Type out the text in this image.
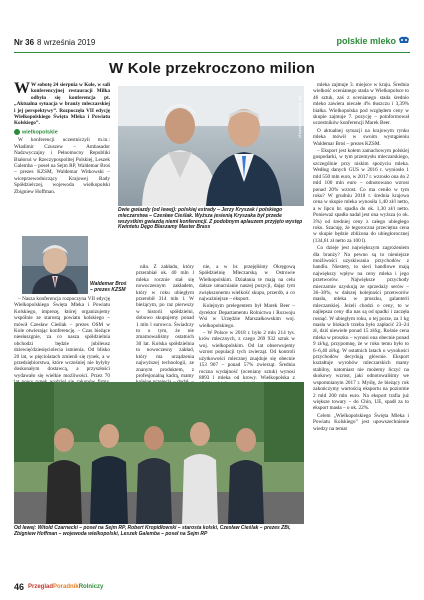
Nr 36 8 września 2019	polskie mleko
W Kole przekroczono milion
W W sobotę 24 sierpnia w Kole, w sali konferencyjnej restauracji Milka odbyła się konferencja pt. „Aktualna sytuacja w branży mleczarskiej i jej perspektywy”. Rozpoczęła VII edycję Wielkopolskiego Święta Mleka i Powiatu Kolskiego”.
wielkopolskie

W konferencji uczestniczyli m.in.: Władimir Czuszew – Ambasador Nadzwyczajny i Pełnomocny Republiki Białoruś w Rzeczypospolitej Polskiej, Leszek Galemba – poseł na Sejm RP, Waldemar Broś – prezes KZSM, Waldemar Witkowski – wiceprzewodniczący Krajowej Rady Spółdzielczej, wojewoda wielkopolski Zbigniew Hoffman.

Waldemar Broś – prezes KZSM

– Nasza konferencja rozpoczyna VII edycję Wielkopolskiego Święta Mleka i Powiatu Kolskiego, imprezę, której organizujemy wspólnie ze starostą powiatu kolskiego – mówił Czesław Cieślak – prezes OSM w Kole otwierając konferencję. – Czas bieżące niesłuszgnie, za co nasza spółdzielnia obchodzi będzie jubileusz dziewięćdziesięciolecia istnienia. Od blisko 20 lat, w pięciolatach zmienił się rynek, a w przedsiębiorstwa, które wcześniej nie byłyby doskonałym dostawcą, a przyszłości wydawało się wielkie możliwości. Przez 70

niła. Z zakładu, który przerabiał ok. 40 mln l mleka rocznie stał się nowoczesnym zakładem, który w roku ubiegłym przerobił 314 mln l. W bieżącym, po raz pierwszy w historii spółdzielni, dobowo skupujemy ponad 1 mln l surowca. Świadczy to o tym, że nie zmarnowaliśmy ostatnich 30 lat. Kolska spółdzielnia to nowoczesny zakład, który ma urządzenia najwyższej technologii, ze znanym produktem, z profesjonalną kadrą, mamy

nie, a w br. przejęliśmy Okręgową Spółdzielnię Mleczarską w Ostrowie Wielkopolskim. Działania te mają na celu dalsze umacnianie naszej pozycji, dając tym zwiększonemu wielkość skupu, przerób, a co najważniejsze – eksport.

Kolejnym prelegentem był Marek Beer – dyrektor Departamentu Rolnictwa i Rozwoju Wsi w Urzędzie Marszałkowskim woj. wielkopolskiego.

– W Polsce w 2018 r. było 2 mln 214 tys. krów mlecznych, z czego 269 932 sztuk w woj. wielkopolskim. Od lat obserwujemy wzrost populacji tych zwierząt. Od kontroli użytkowości mlecznej znajduje się obecnie 153 907 – ponad 57% zwierząt. Średnia roczna wydajność (oceniany sztuk) wynosi 8893 l mleka od krowy. Wielkopolska z

mleka zajmuje 3. miejsce w kraju. Średnia wielkość ocenianego stada w Wielkopolsce to 46 sztuk, zaś z ocenianego stada średnio mleko zawiera niecałe 4% tłuszczu i 3,39% białka. Wielkopolska pod względem ceny w skupie zajmuje 7. pozycję – poinformował uczestników konferencji Marek Beer.

O aktualnej sytuacji na krajowym rynku mleka mówił w swoim wystąpieniu Waldemar Broś – prezes KZSM.

– Eksport jest kołem zamachowym polskiej gospodarki, w tym przemysłu mleczarskiego, szczególnie przy niskim spożyciu mleka. Według danych GUS w 2016 r. wyniosło 1 mld 550 mln euro, w 2017 r. wzrosło ona do 2 mld 100 mln euro – odnotowano wzrost ponad 20% wzrost. Co ma ceniło w tym roku? W grudniu 2018 r. średnia krajowa cena w skupie mleka wynosiła 1,40 zł/l netto, a w lipcu br. spadła do ok. 1,30 zł/l netto. Ponieważ spadła nadal jest ona wyższa (o ok. 3%) od średniej ceny z całego ubiegłego roku. Szacuję, że tegoroczna przeciętna cena w skupie będzie zbliżona do ubiegłorocznej (134,61 zł netto za 100 l).

Co dzieje jest największym zagrożeniem dla branży? Na pewno są to nieniejsze możliwości uzyskiwania przychodów z handlu. Niestety, to sieci handlowe mają największy wpływ na ceny mleka i jego przetworów. Największe przychody mieczarnie uzyskują ze sprzedaży serów – 36–38%, w dalszej kolejności przetworów masła, mleka w proszku, galanterii mleczarskiej. Jeżeli chodzi o ceny, to w najlepsza ceny dla nas są od spadki i zaczęła rosnąć. W ubiegłym roku, o tej porze, za 1 kg masła w blokach trzeba było zapłacić 23–24 zł, dziś niewiele ponad 15 zł/kg. Rośnie cena mleka w proszku – wynosi ona obecnie ponad 9 zł/kg, przypomnę, że w roku temu było to 6–6,40 zł/kg. W ostatnich latach o wysokości przychodów decydują głównie. Eksport kształtuje wyrobów mleczarskich mamy stabilny, natomiast nie możemy liczyć na skokowy wzrost, jaki odnotowaliśmy we wspomnianym 2017 r. Myślę, że bieżący rok zakończymy wartością eksportu na poziomie 2 mld 200 mln euro. Na eksport trafia już większe towary – do Chin, UE, spadł za to eksport masła – o ok. 22%.

Celem „Wielkopolskiego Święta Mleka i Powiatu Kolskiego” jest upowszechnienie wiedzy na temat

fot. Wspólnota kolska.pl
Dwie gwiazdy (od lewej): polskiej estrady – Jerzy Kryszak i polskiego mleczarstwa – Czesław Cieślak. Wyższa jesienią Kryszaka był przede wszystkim gwiazdą niemi konferencji. Z podobnym aplauzem przyjęto występ Kwintetu Dęgo Blaszamy Master Brass
Od lewej: Witold Czarnecki – poseł na Sejm RP, Robert Kropidłowski – starosta kolski, Czesław Cieślak – prezes ZBi, Zbigniew Hoffman – wojewoda wielkopolski, Leszek Galemba – poseł na Sejm RP
46 PrzegladPoradnikRolniczy
